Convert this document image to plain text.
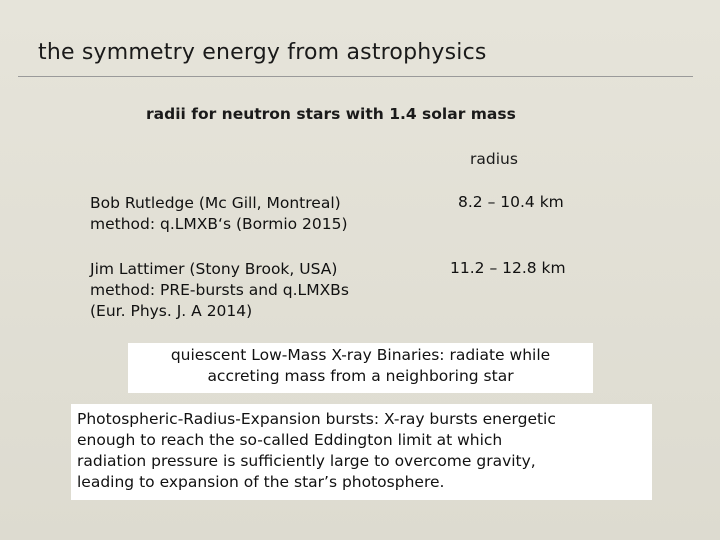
the symmetry energy from astrophysics
radii for neutron stars with 1.4 solar mass
radius
Bob Rutledge (Mc Gill, Montreal)
method: q.LMXB‘s (Bormio 2015)
8.2 – 10.4 km
Jim Lattimer (Stony Brook, USA)
method: PRE-bursts and q.LMXBs
(Eur. Phys. J. A 2014)
11.2 – 12.8 km
quiescent Low-Mass X-ray Binaries: radiate while
accreting mass from a neighboring star
Photospheric-Radius-Expansion bursts: X-ray bursts energetic
enough to reach the so-called Eddington limit at which
radiation pressure is sufficiently large to overcome gravity,
leading to expansion of the star’s photosphere.
